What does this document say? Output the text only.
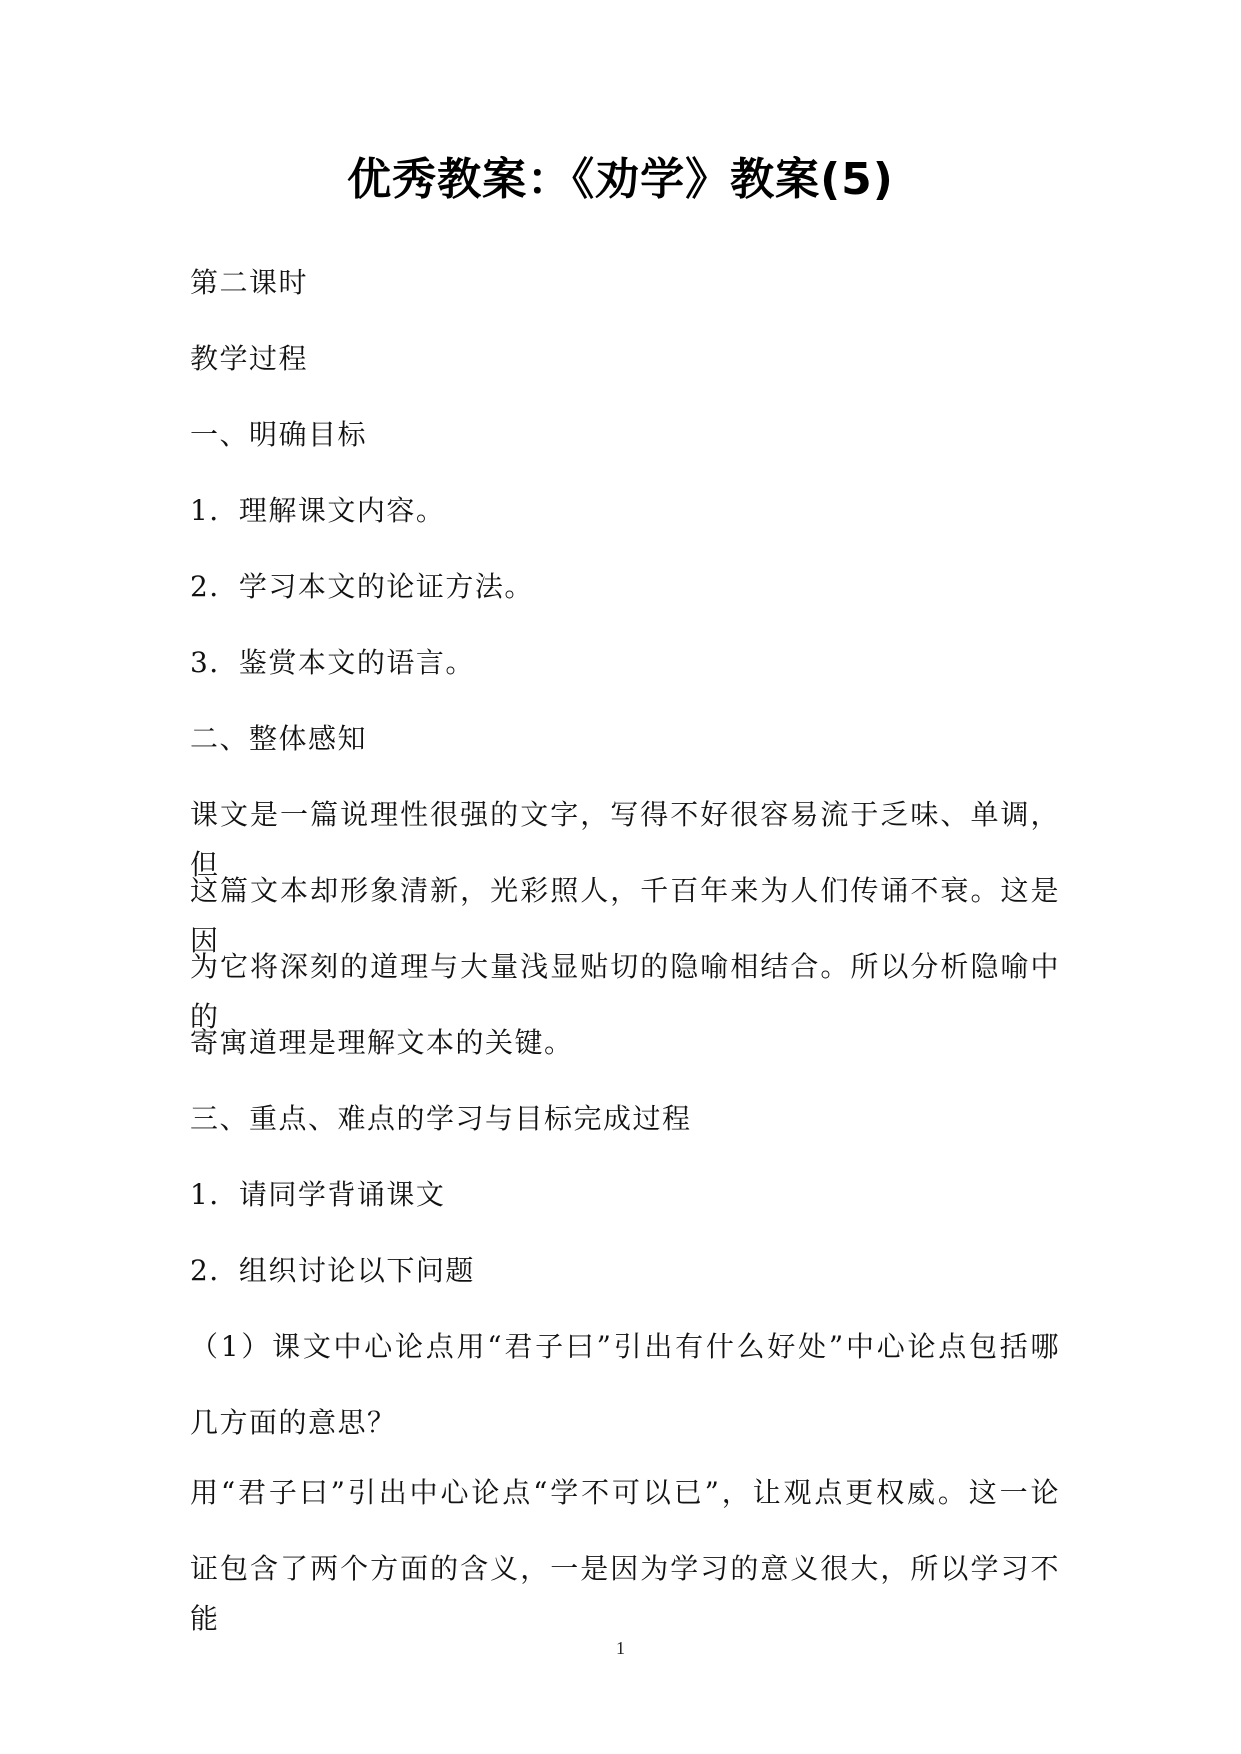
优秀教案：《劝学》教案(5)
第二课时
教学过程
一、明确目标
1．理解课文内容。
2．学习本文的论证方法。
3．鉴赏本文的语言。
二、整体感知
课文是一篇说理性很强的文字，写得不好很容易流于乏味、单调，但
这篇文本却形象清新，光彩照人，千百年来为人们传诵不衰。这是因
为它将深刻的道理与大量浅显贴切的隐喻相结合。所以分析隐喻中的
寄寓道理是理解文本的关键。
三、重点、难点的学习与目标完成过程
1．请同学背诵课文
2．组织讨论以下问题
（1）课文中心论点用“君子曰”引出有什么好处”中心论点包括哪
几方面的意思？
用“君子曰”引出中心论点“学不可以已”，让观点更权威。这一论
证包含了两个方面的含义，一是因为学习的意义很大，所以学习不能
1
